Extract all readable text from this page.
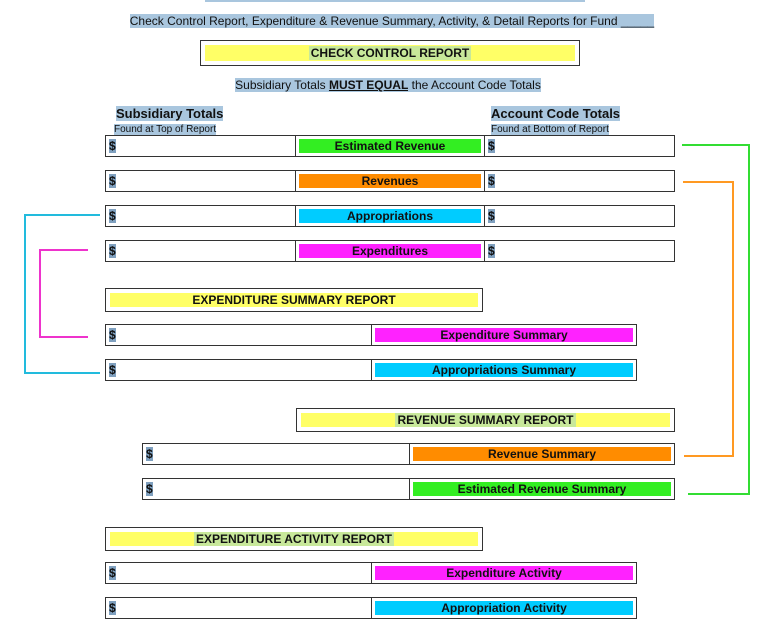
Check Control Report, Expenditure & Revenue Summary, Activity, & Detail Reports for Fund _____
CHECK CONTROL REPORT
Subsidiary Totals MUST EQUAL the Account Code Totals
Subsidiary Totals
Found at Top of Report
Account Code Totals
Found at Bottom of Report
$	Estimated Revenue	$
$	Revenues	$
$	Appropriations	$
$	Expenditures	$
EXPENDITURE SUMMARY REPORT
$	Expenditure Summary
$	Appropriations Summary
REVENUE SUMMARY REPORT
$	Revenue Summary
$	Estimated Revenue Summary
EXPENDITURE ACTIVITY REPORT
$	Expenditure Activity
$	Appropriation Activity
